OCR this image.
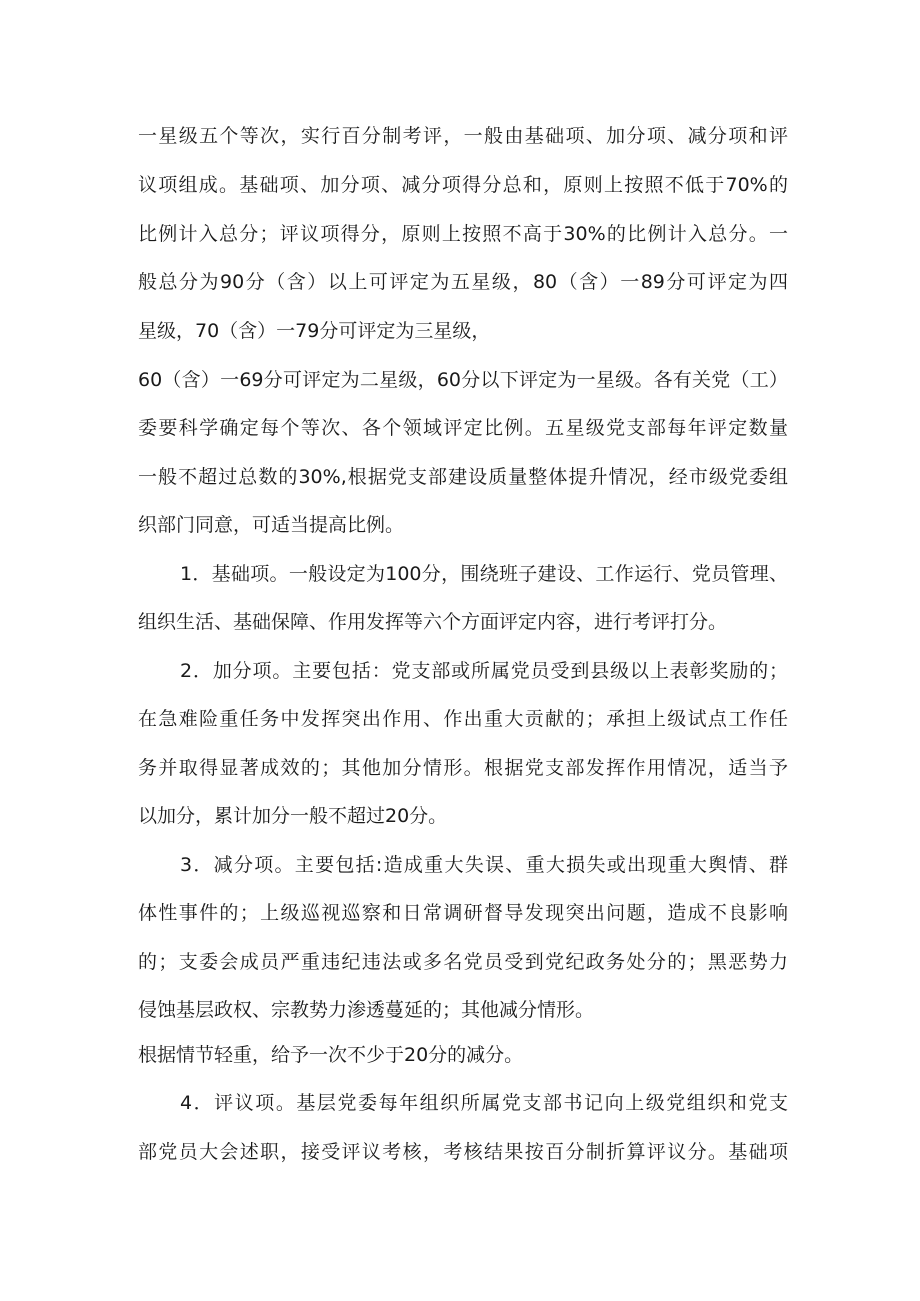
一星级五个等次，实行百分制考评，一般由基础项、加分项、减分项和评
议项组成。基础项、加分项、减分项得分总和，原则上按照不低于70%的
比例计入总分；评议项得分，原则上按照不高于30%的比例计入总分。一
般总分为90分（含）以上可评定为五星级，80（含）一89分可评定为四
星级，70（含）一79分可评定为三星级，
60（含）一69分可评定为二星级，60分以下评定为一星级。各有关党（工）
委要科学确定每个等次、各个领域评定比例。五星级党支部每年评定数量
一般不超过总数的30%,根据党支部建设质量整体提升情况，经市级党委组
织部门同意，可适当提高比例。
1．基础项。一般设定为100分，围绕班子建设、工作运行、党员管理、
组织生活、基础保障、作用发挥等六个方面评定内容，进行考评打分。
2．加分项。主要包括：党支部或所属党员受到县级以上表彰奖励的；
在急难险重任务中发挥突出作用、作出重大贡献的；承担上级试点工作任
务并取得显著成效的；其他加分情形。根据党支部发挥作用情况，适当予
以加分，累计加分一般不超过20分。
3．减分项。主要包括:造成重大失误、重大损失或出现重大舆情、群
体性事件的；上级巡视巡察和日常调研督导发现突出问题，造成不良影响
的；支委会成员严重违纪违法或多名党员受到党纪政务处分的；黑恶势力
侵蚀基层政权、宗教势力渗透蔓延的；其他减分情形。
根据情节轻重，给予一次不少于20分的减分。
4．评议项。基层党委每年组织所属党支部书记向上级党组织和党支
部党员大会述职，接受评议考核，考核结果按百分制折算评议分。基础项
